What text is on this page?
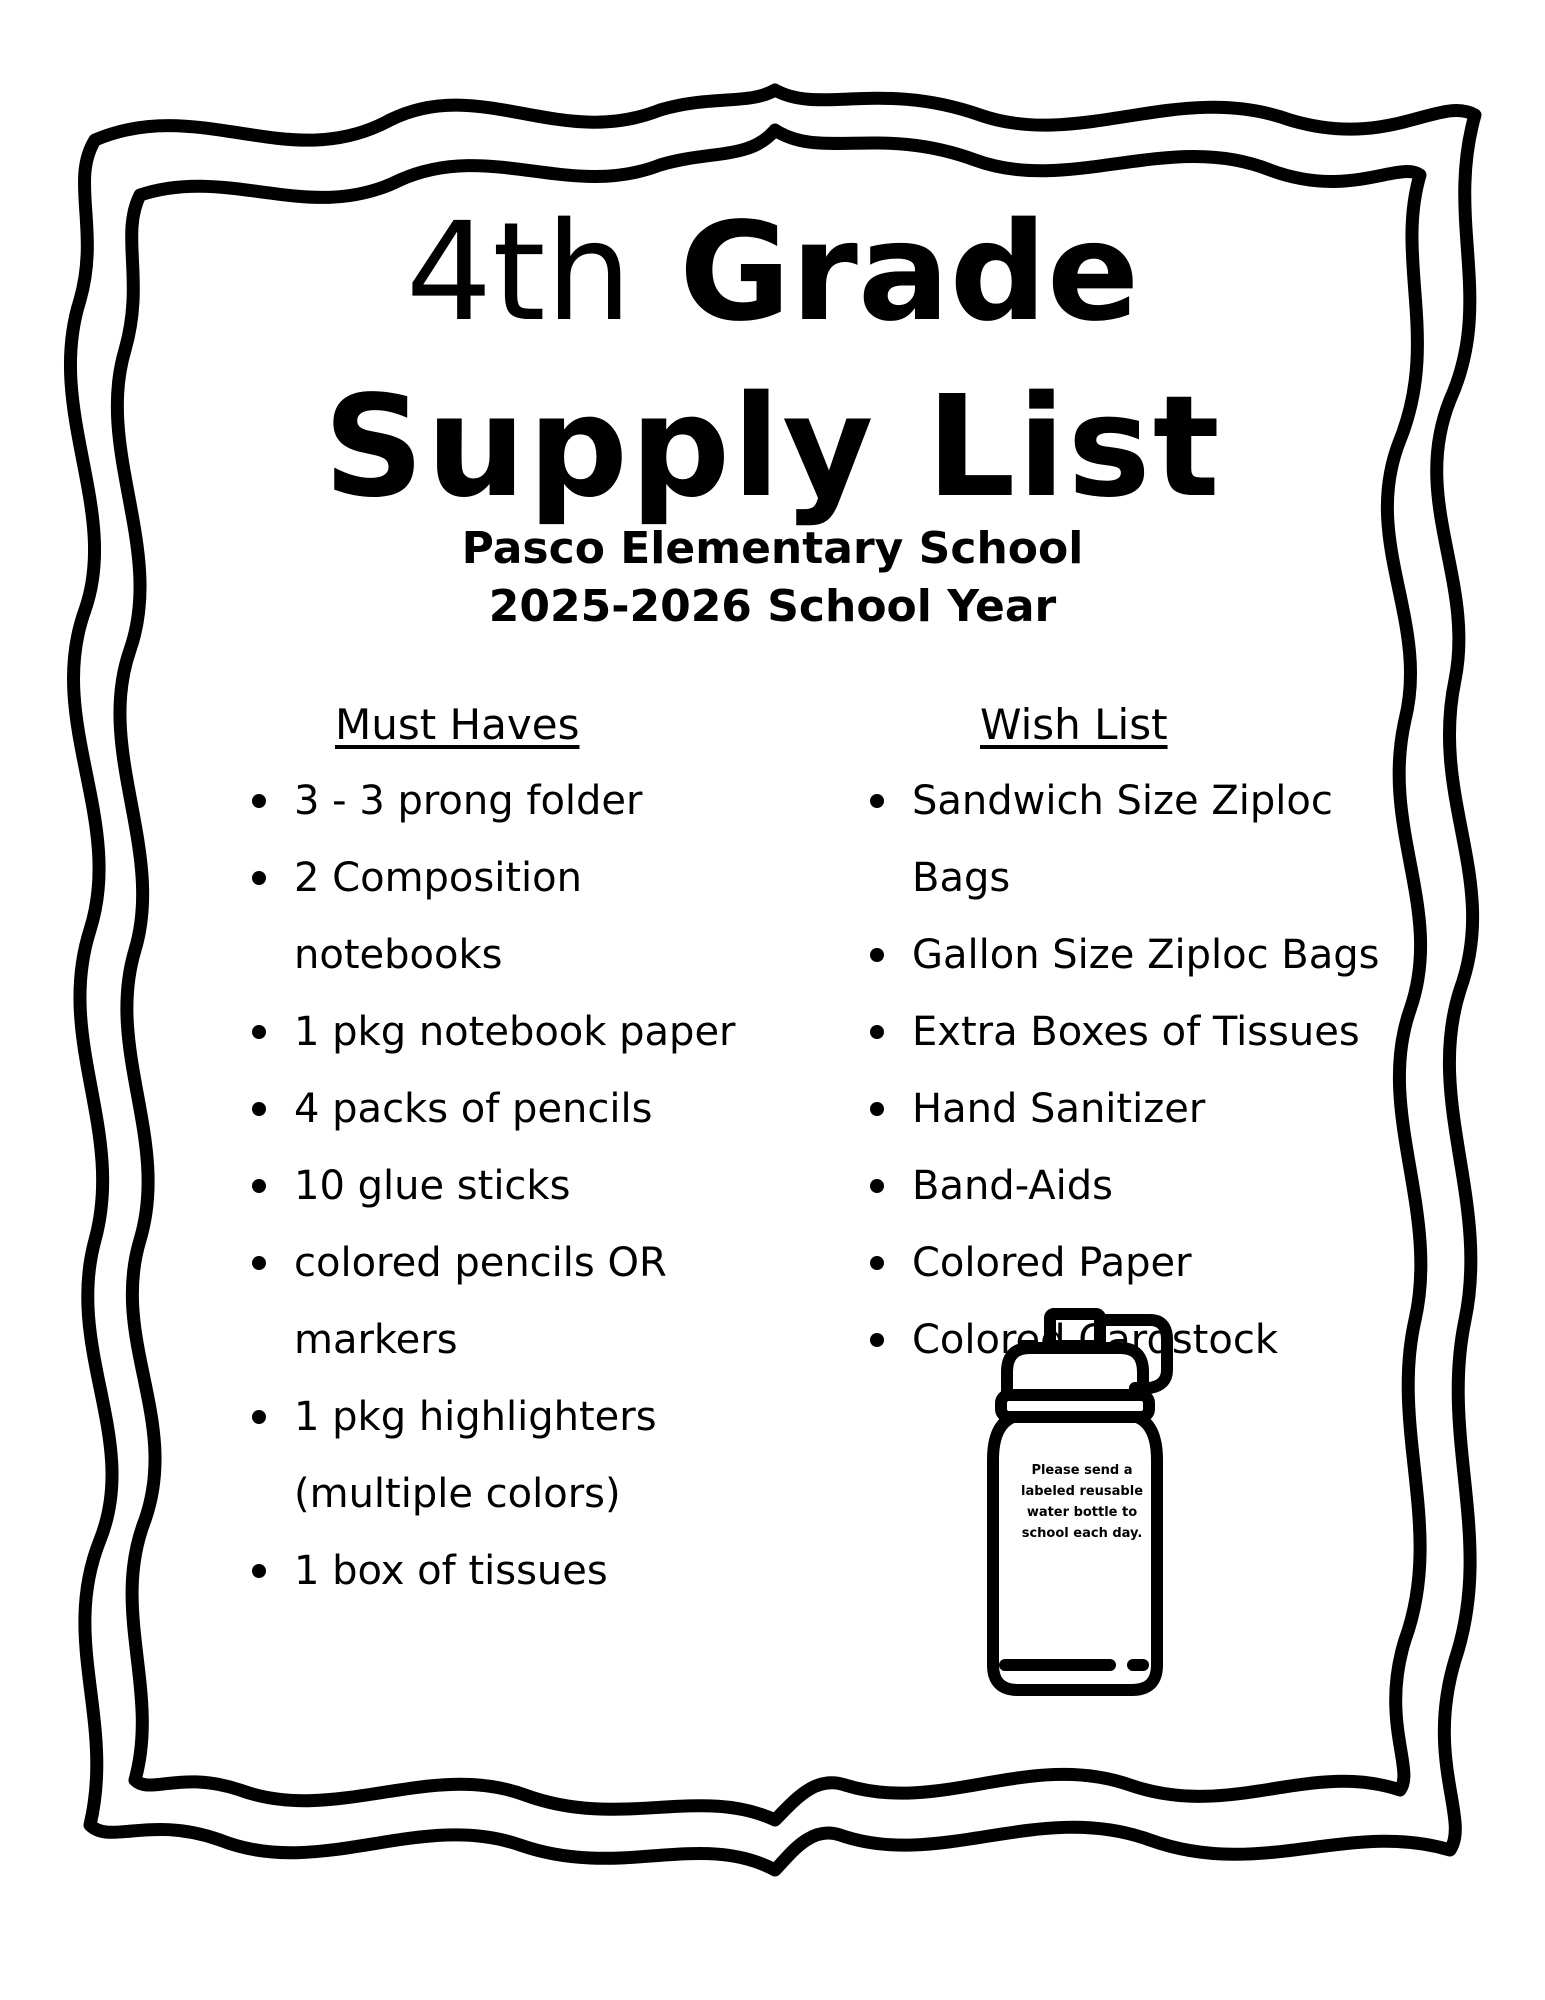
4th Grade
Supply List

Pasco Elementary School

2025-2026 School Year

Must Haves

3 - 3 prong folder
2 Composition notebooks
1 pkg notebook paper
4 packs of pencils
10 glue sticks
colored pencils OR markers
1 pkg highlighters (multiple colors)
1 box of tissues

Wish List

Sandwich Size Ziploc Bags
Gallon Size Ziploc Bags
Extra Boxes of Tissues
Hand Sanitizer
Band-Aids
Colored Paper
Colored Cardstock

Please send a labeled reusable water bottle to school each day.
